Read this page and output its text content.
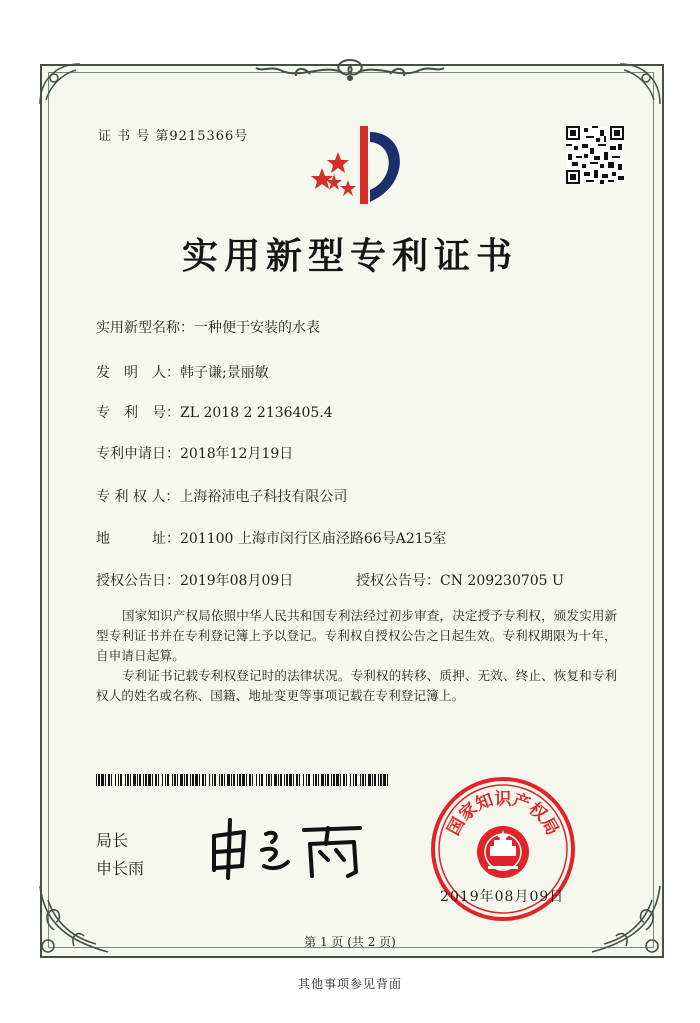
证 书 号 第9215366号
实用新型专利证书
实用新型名称：一种便于安装的水表
发　明　人：韩子谦;景丽敏
专　利　号：ZL 2018 2 2136405.4
专利申请日：2018年12月19日
专 利 权 人：上海裕沛电子科技有限公司
地　　　址：201100 上海市闵行区庙泾路66号A215室
授权公告日：2019年08月09日	授权公告号：CN 209230705 U
国家知识产权局依照中华人民共和国专利法经过初步审查，决定授予专利权，颁发实用新型专利证书并在专利登记簿上予以登记。专利权自授权公告之日起生效。专利权期限为十年，自申请日起算。
专利证书记载专利权登记时的法律状况。专利权的转移、质押、无效、终止、恢复和专利权人的姓名或名称、国籍、地址变更等事项记载在专利登记簿上。
局长
申长雨
国家知识产权局
2019年08月09日
第 1 页 (共 2 页)
其他事项参见背面
